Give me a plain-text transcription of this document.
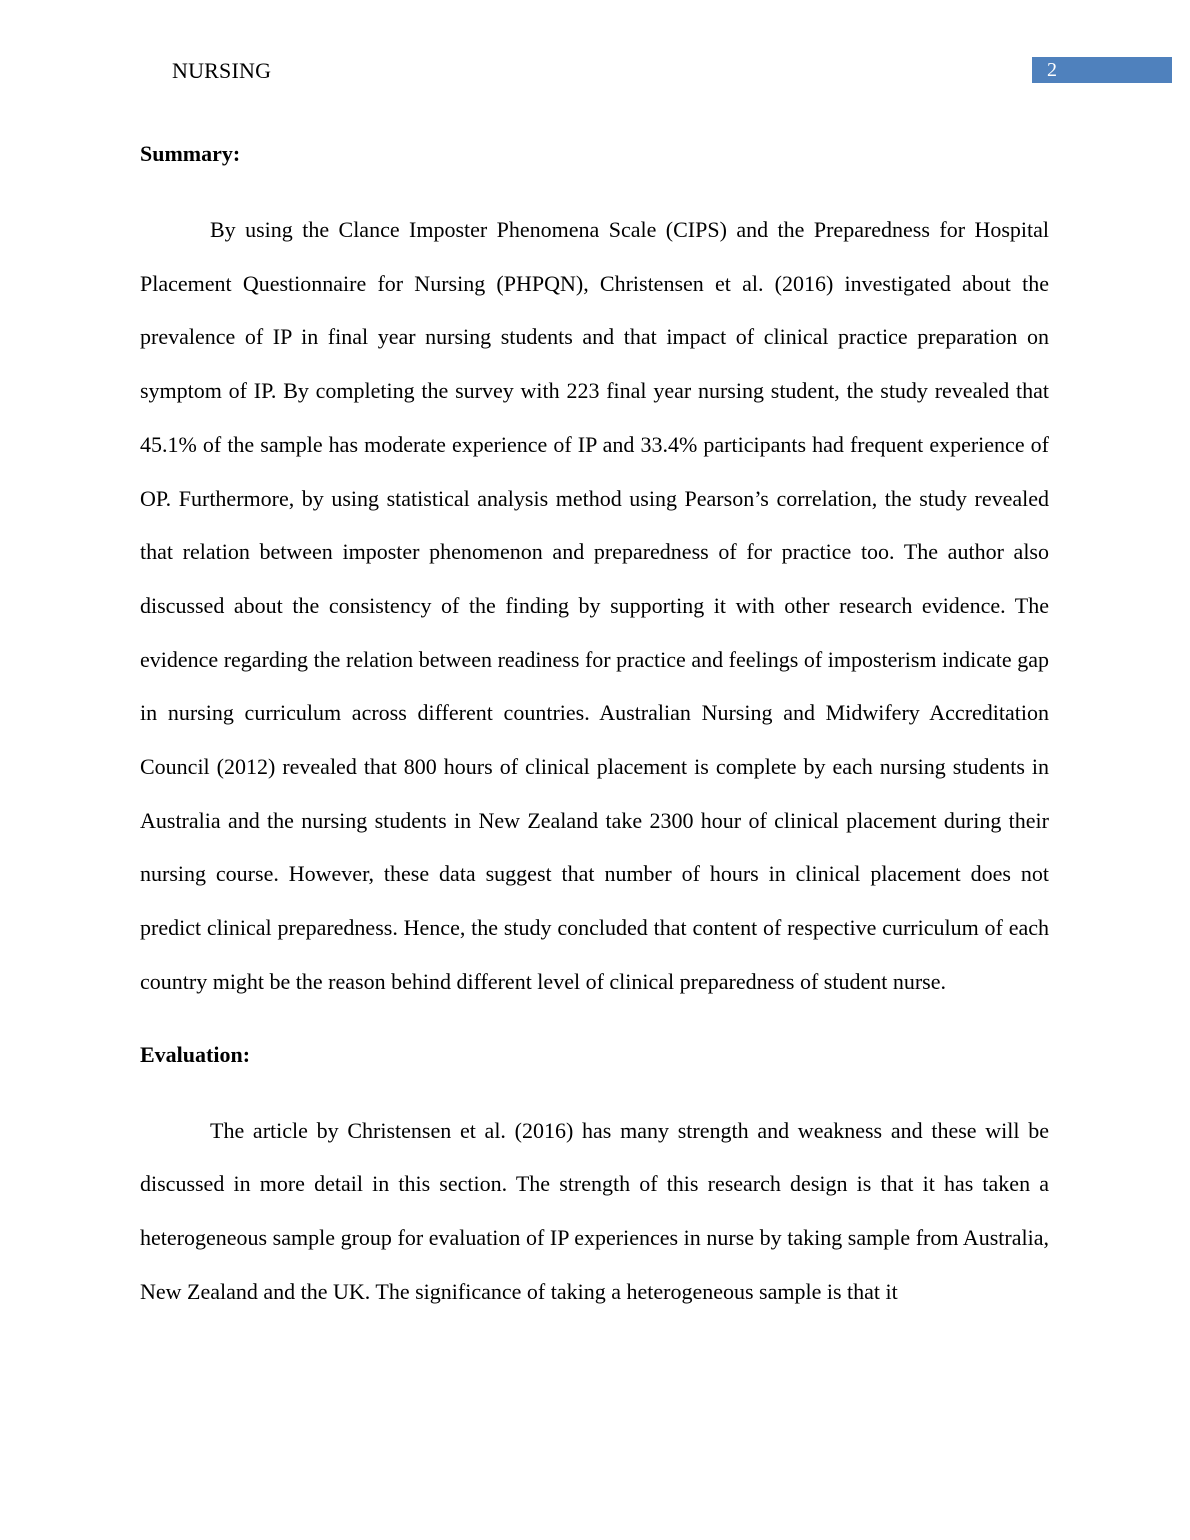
NURSING	2

Summary:

By using the Clance Imposter Phenomena Scale (CIPS) and the Preparedness for Hospital Placement Questionnaire for Nursing (PHPQN), Christensen et al. (2016) investigated about the prevalence of IP in final year nursing students and that impact of clinical practice preparation on symptom of IP. By completing the survey with 223 final year nursing student, the study revealed that 45.1% of the sample has moderate experience of IP and 33.4% participants had frequent experience of OP. Furthermore, by using statistical analysis method using Pearson’s correlation, the study revealed that relation between imposter phenomenon and preparedness of for practice too. The author also discussed about the consistency of the finding by supporting it with other research evidence. The evidence regarding the relation between readiness for practice and feelings of imposterism indicate gap in nursing curriculum across different countries. Australian Nursing and Midwifery Accreditation Council (2012) revealed that 800 hours of clinical placement is complete by each nursing students in Australia and the nursing students in New Zealand take 2300 hour of clinical placement during their nursing course. However, these data suggest that number of hours in clinical placement does not predict clinical preparedness. Hence, the study concluded that content of respective curriculum of each country might be the reason behind different level of clinical preparedness of student nurse.

Evaluation:

The article by Christensen et al. (2016) has many strength and weakness and these will be discussed in more detail in this section. The strength of this research design is that it has taken a heterogeneous sample group for evaluation of IP experiences in nurse by taking sample from Australia, New Zealand and the UK. The significance of taking a heterogeneous sample is that it
